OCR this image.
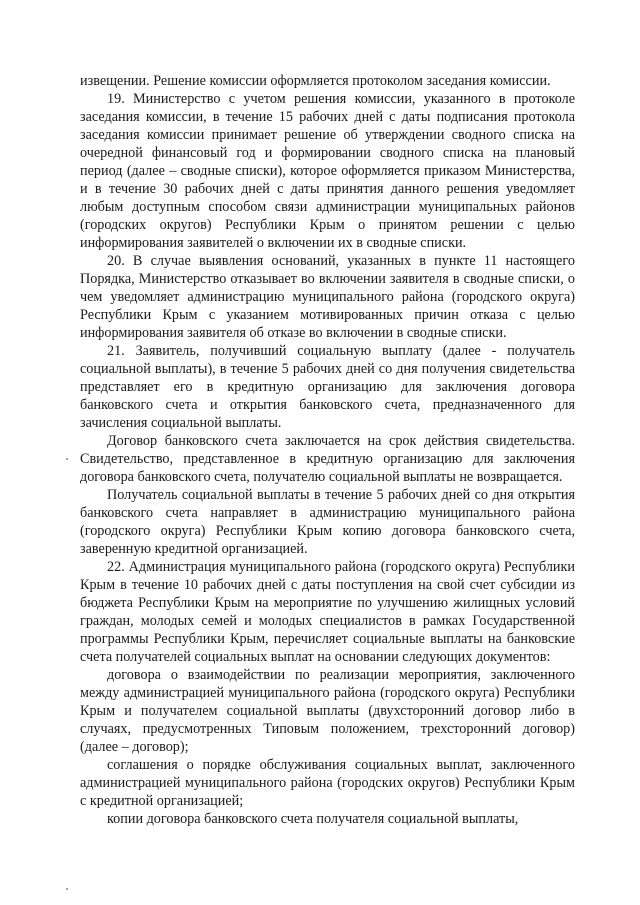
извещении. Решение комиссии оформляется протоколом заседания комиссии.

19. Министерство с учетом решения комиссии, указанного в протоколе заседания комиссии, в течение 15 рабочих дней с даты подписания протокола заседания комиссии принимает решение об утверждении сводного списка на очередной финансовый год и формировании сводного списка на плановый период (далее – сводные списки), которое оформляется приказом Министерства, и в течение 30 рабочих дней с даты принятия данного решения уведомляет любым доступным способом связи администрации муниципальных районов (городских округов) Республики Крым о принятом решении с целью информирования заявителей о включении их в сводные списки.

20. В случае выявления оснований, указанных в пункте 11 настоящего Порядка, Министерство отказывает во включении заявителя в сводные списки, о чем уведомляет администрацию муниципального района (городского округа) Республики Крым с указанием мотивированных причин отказа с целью информирования заявителя об отказе во включении в сводные списки.

21. Заявитель, получивший социальную выплату (далее - получатель социальной выплаты), в течение 5 рабочих дней со дня получения свидетельства представляет его в кредитную организацию для заключения договора банковского счета и открытия банковского счета, предназначенного для зачисления социальной выплаты.

Договор банковского счета заключается на срок действия свидетельства. Свидетельство, представленное в кредитную организацию для заключения договора банковского счета, получателю социальной выплаты не возвращается.

Получатель социальной выплаты в течение 5 рабочих дней со дня открытия банковского счета направляет в администрацию муниципального района (городского округа) Республики Крым копию договора банковского счета, заверенную кредитной организацией.

22. Администрация муниципального района (городского округа) Республики Крым в течение 10 рабочих дней с даты поступления на свой счет субсидии из бюджета Республики Крым на мероприятие по улучшению жилищных условий граждан, молодых семей и молодых специалистов в рамках Государственной программы Республики Крым, перечисляет социальные выплаты на банковские счета получателей социальных выплат на основании следующих документов:

договора о взаимодействии по реализации мероприятия, заключенного между администрацией муниципального района (городского округа) Республики Крым и получателем социальной выплаты (двухсторонний договор либо в случаях, предусмотренных Типовым положением, трехсторонний договор) (далее – договор);

соглашения о порядке обслуживания социальных выплат, заключенного администрацией муниципального района (городских округов) Республики Крым с кредитной организацией;

копии договора банковского счета получателя социальной выплаты,
